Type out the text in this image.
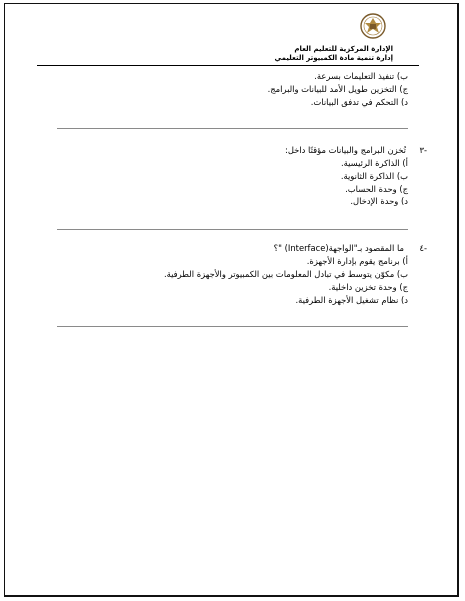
الإدارة المركزية للتعليم العام
إدارة تنمية مادة الكمبيوتر التعليمي
ب) تنفيذ التعليمات بسرعة.
ج) التخزين طويل الأمد للبيانات والبرامج.
د) التحكم في تدفق البيانات.
-٣
تُخزن البرامج والبيانات مؤقتًا داخل:
أ) الذاكرة الرئيسية.
ب) الذاكرة الثانوية.
ج) وحدة الحساب.
د) وحدة الإدخال.
-٤
ما المقصود بـ"الواجهة(Interface) "؟
أ) برنامج يقوم بإدارة الأجهزة.
ب) مكوّن يتوسط في تبادل المعلومات بين الكمبيوتر والأجهزة الطرفية.
ج) وحدة تخزين داخلية.
د) نظام تشغيل الأجهزة الطرفية.
